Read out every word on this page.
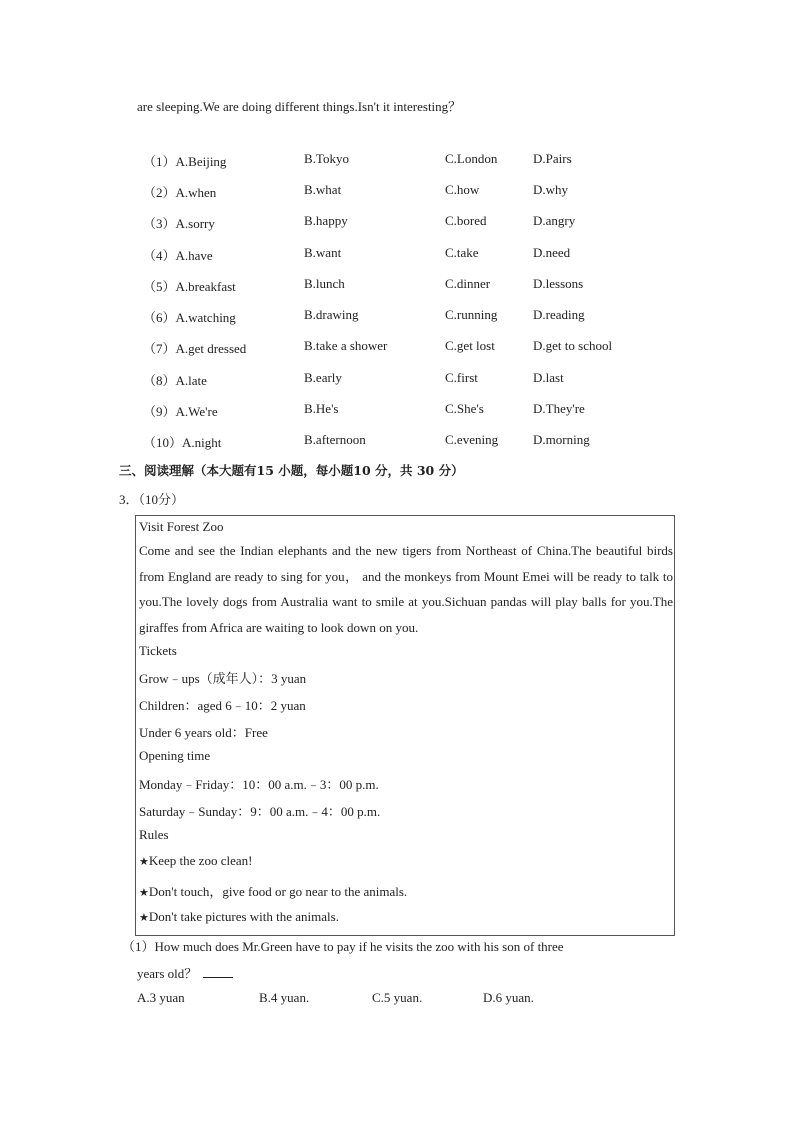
are sleeping.We are doing different things.Isn't it interesting？
（1）A.Beijing	B.Tokyo	C.London	D.Pairs
（2）A.when	B.what	C.how	D.why
（3）A.sorry	B.happy	C.bored	D.angry
（4）A.have	B.want	C.take	D.need
（5）A.breakfast	B.lunch	C.dinner	D.lessons
（6）A.watching	B.drawing	C.running	D.reading
（7）A.get dressed	B.take a shower	C.get lost	D.get to school
（8）A.late	B.early	C.first	D.last
（9）A.We're	B.He's	C.She's	D.They're
（10）A.night	B.afternoon	C.evening	D.morning
三、阅读理解（本大题有15 小题，每小题10 分，共 30 分）
3．（10分）
Visit Forest Zoo
Come and see the Indian elephants and the new tigers from Northeast of China.The beautiful birds from England are ready to sing for you， and the monkeys from Mount Emei will be ready to talk to you.The lovely dogs from Australia want to smile at you.Sichuan pandas will play balls for you.The giraffes from Africa are waiting to look down on you.
Tickets
Grow﹣ups（成年人）：3 yuan
Children：aged 6﹣10：2 yuan
Under 6 years old：Free
Opening time
Monday﹣Friday：10：00 a.m.﹣3：00 p.m.
Saturday﹣Sunday：9：00 a.m.﹣4：00 p.m.
Rules
★Keep the zoo clean!
★Don't touch，give food or go near to the animals.
★Don't take pictures with the animals.
（1）How much does Mr.Green have to pay if he visits the zoo with his son of three
years old？
A.3 yuan	B.4 yuan.	C.5 yuan.	D.6 yuan.
